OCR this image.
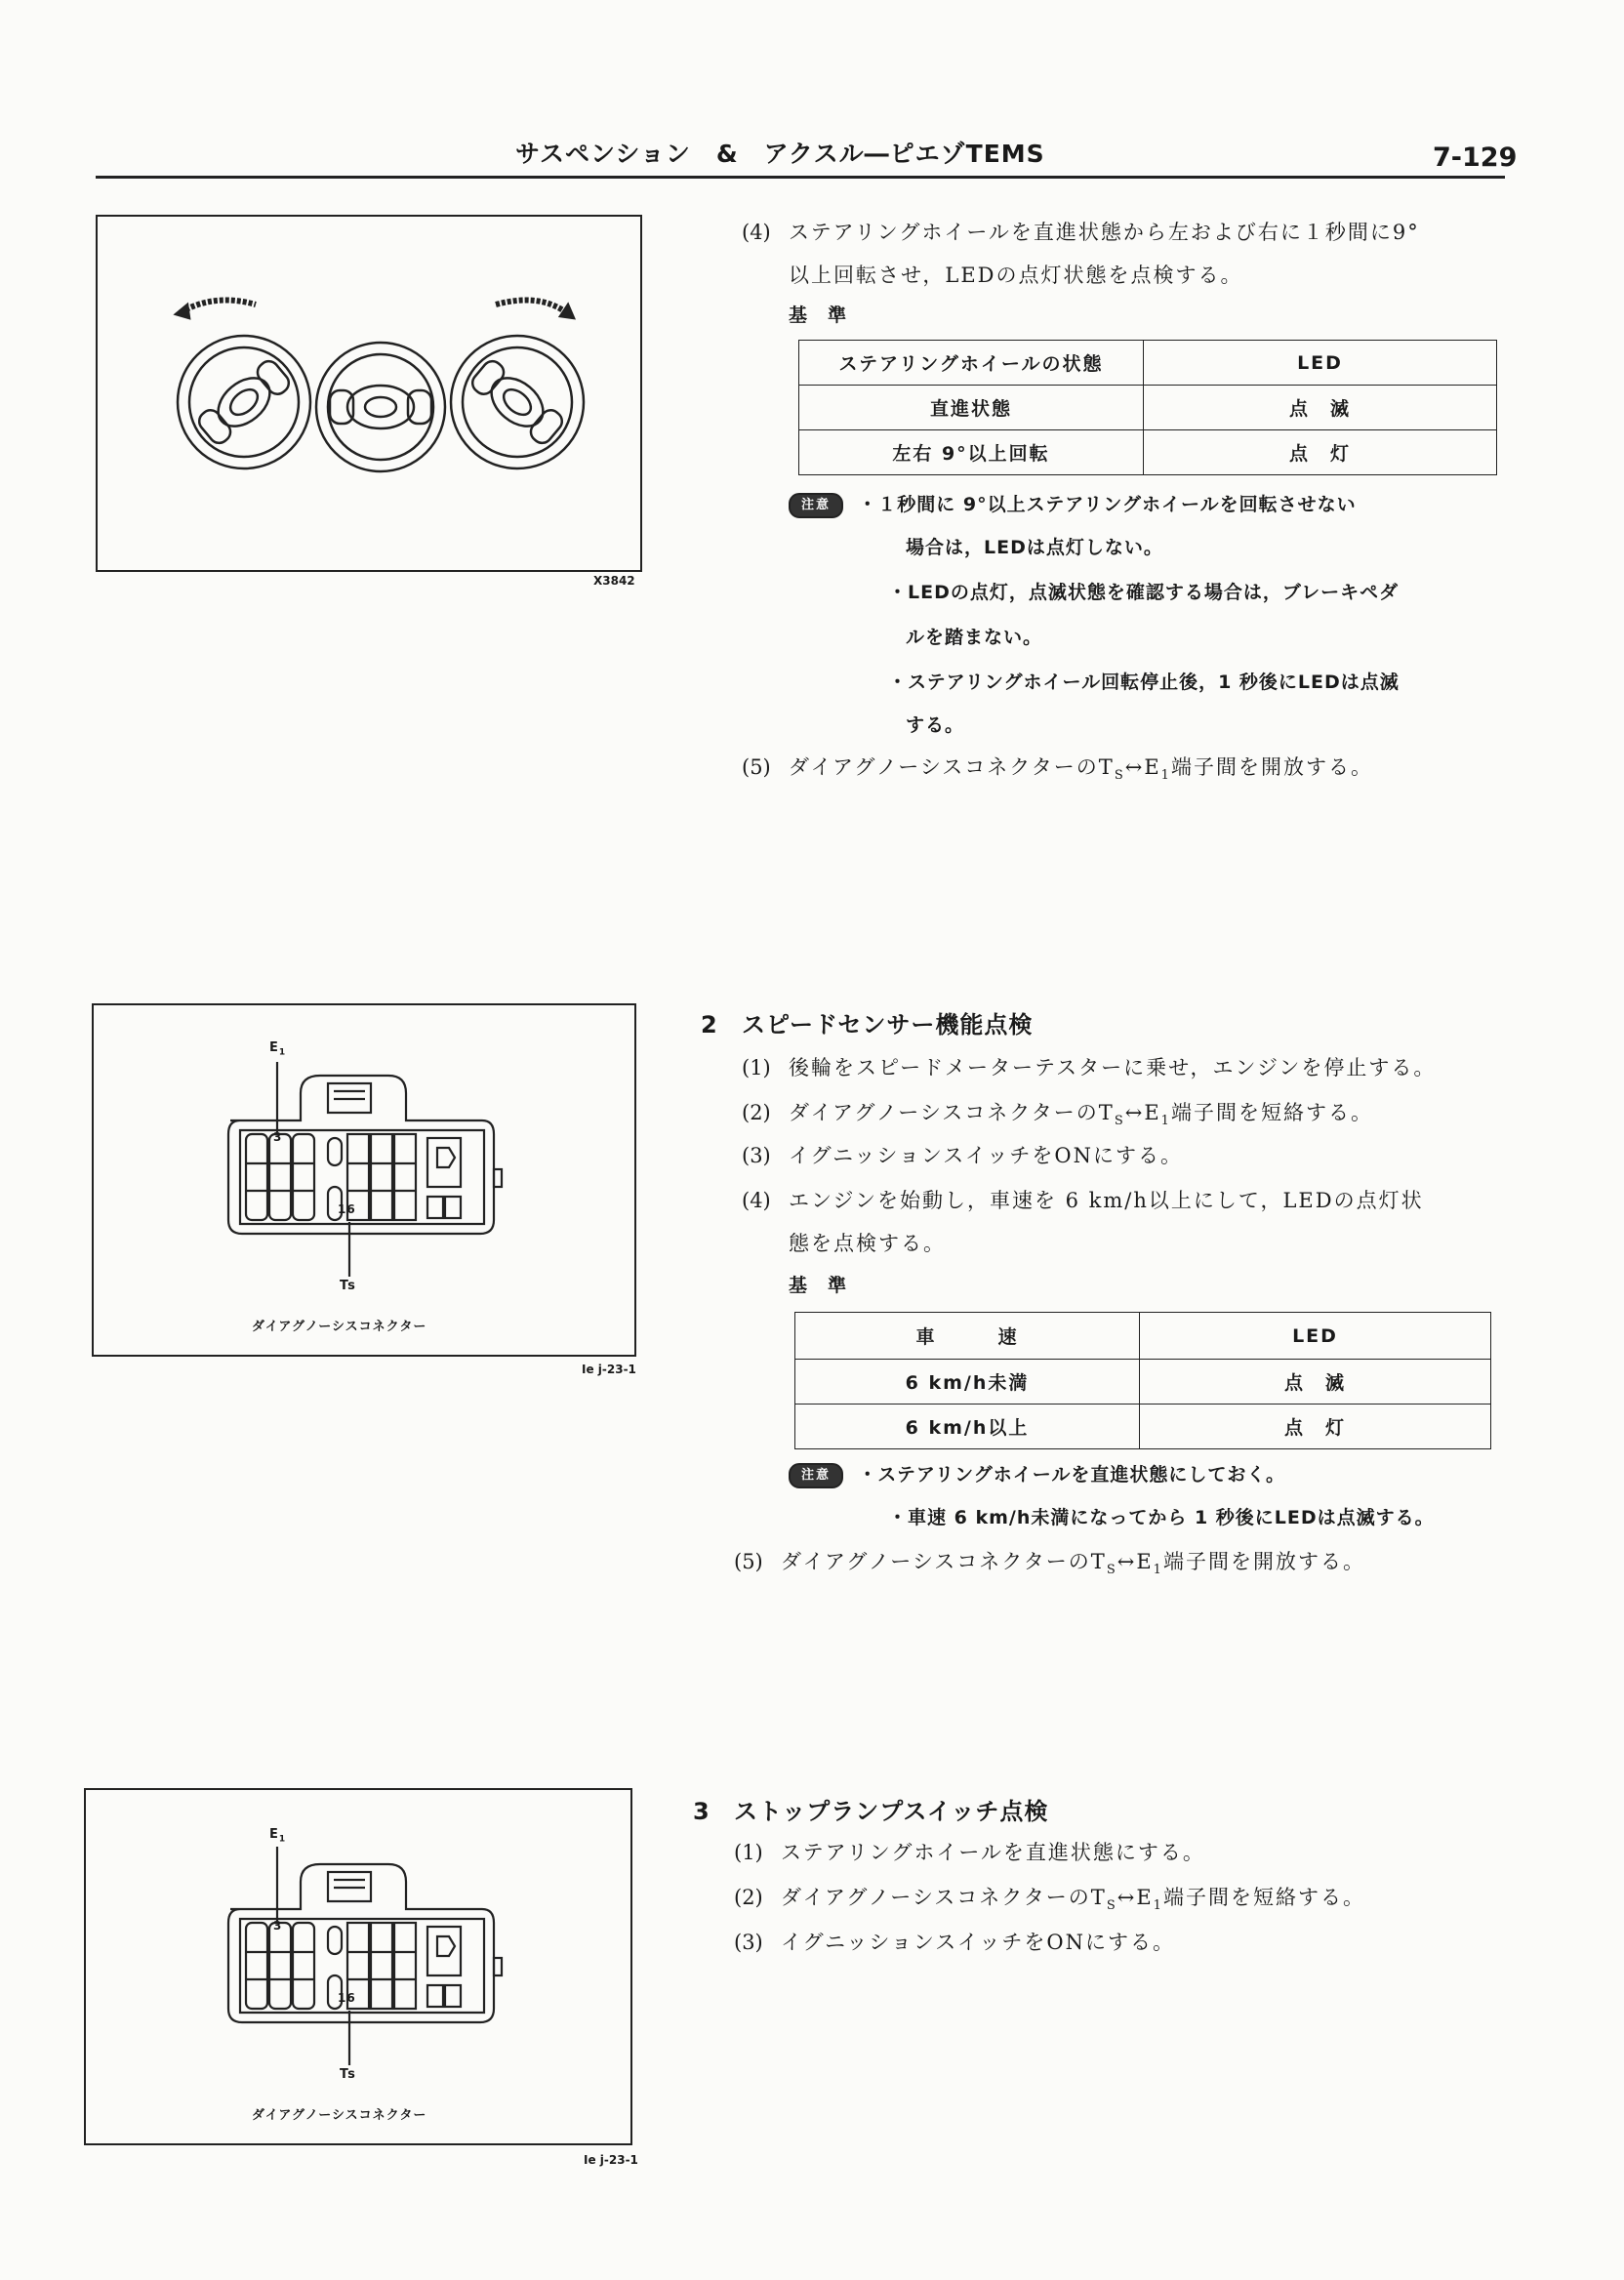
サスペンション　&　アクスル―ピエゾTEMS	7-129
X3842
(4) ステアリングホイールを直進状態から左および右に１秒間に9°
以上回転させ，LEDの点灯状態を点検する。
基　準
ステアリングホイールの状態	LED
直進状態	点　滅
左右 9°以上回転	点　灯
注意 ・１秒間に 9°以上ステアリングホイールを回転させない
場合は，LEDは点灯しない。
・LEDの点灯，点滅状態を確認する場合は，ブレーキペダ
ルを踏まない。
・ステアリングホイール回転停止後，1 秒後にLEDは点滅
する。
(5) ダイアグノーシスコネクターの$T_S\leftrightarrow E_1$端子間を開放する。
$E_1$
3
16
Ts
ダイアグノーシスコネクター
Ie j-23-1
2 スピードセンサー機能点検
(1) 後輪をスピードメーターテスターに乗せ，エンジンを停止する。
(2) ダイアグノーシスコネクターの$T_S\leftrightarrow E_1$端子間を短絡する。
(3) イグニッションスイッチをONにする。
(4) エンジンを始動し，車速を 6 km/h以上にして，LEDの点灯状
態を点検する。
基　準
車　　　速	LED
6 km/h未満	点　滅
6 km/h以上	点　灯
注意 ・ステアリングホイールを直進状態にしておく。
・車速 6 km/h未満になってから 1 秒後にLEDは点滅する。
(5) ダイアグノーシスコネクターの$T_S\leftrightarrow E_1$端子間を開放する。
$E_1$
3
16
Ts
ダイアグノーシスコネクター
Ie j-23-1
3 ストップランプスイッチ点検
(1) ステアリングホイールを直進状態にする。
(2) ダイアグノーシスコネクターの$T_S\leftrightarrow E_1$端子間を短絡する。
(3) イグニッションスイッチをONにする。
